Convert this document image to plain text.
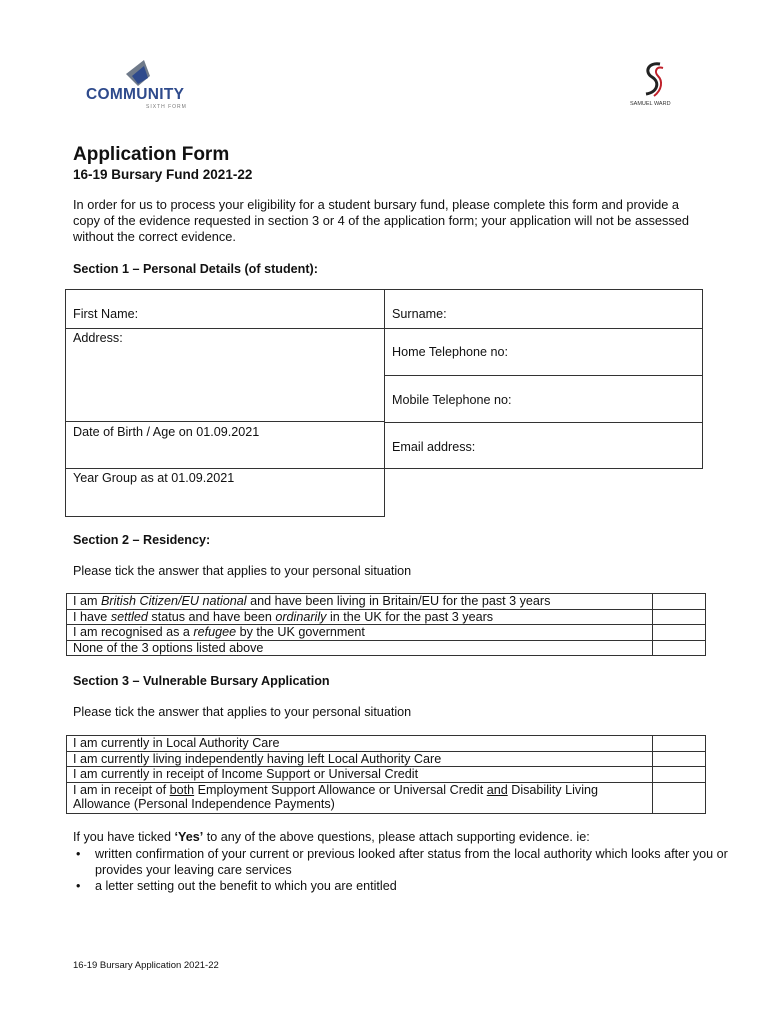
COMMUNITY
SIXTH FORM	SAMUEL WARD
Application Form
16-19 Bursary Fund 2021-22
In order for us to process your eligibility for a student bursary fund, please complete this form and provide a copy of the evidence requested in section 3 or 4 of the application form; your application will not be assessed without the correct evidence.
Section 1 – Personal Details (of student):
First Name:	Surname:
Address:
Home Telephone no:
Mobile Telephone no:
Date of Birth / Age on 01.09.2021
Email address:
Year Group as at 01.09.2021
Section 2 – Residency:
Please tick the answer that applies to your personal situation
I am British Citizen/EU national and have been living in Britain/EU for the past 3 years	
I have settled status and have been ordinarily in the UK for the past 3 years	
I am recognised as a refugee by the UK government	
None of the 3 options listed above	
Section 3 – Vulnerable Bursary Application
Please tick the answer that applies to your personal situation
I am currently in Local Authority Care	
I am currently living independently having left Local Authority Care	
I am currently in receipt of Income Support or Universal Credit	
I am in receipt of both Employment Support Allowance or Universal Credit and Disability Living Allowance (Personal Independence Payments)	
If you have ticked ‘Yes’ to any of the above questions, please attach supporting evidence. ie:
• written confirmation of your current or previous looked after status from the local authority which looks after you or provides your leaving care services
• a letter setting out the benefit to which you are entitled
16-19 Bursary Application 2021-22
